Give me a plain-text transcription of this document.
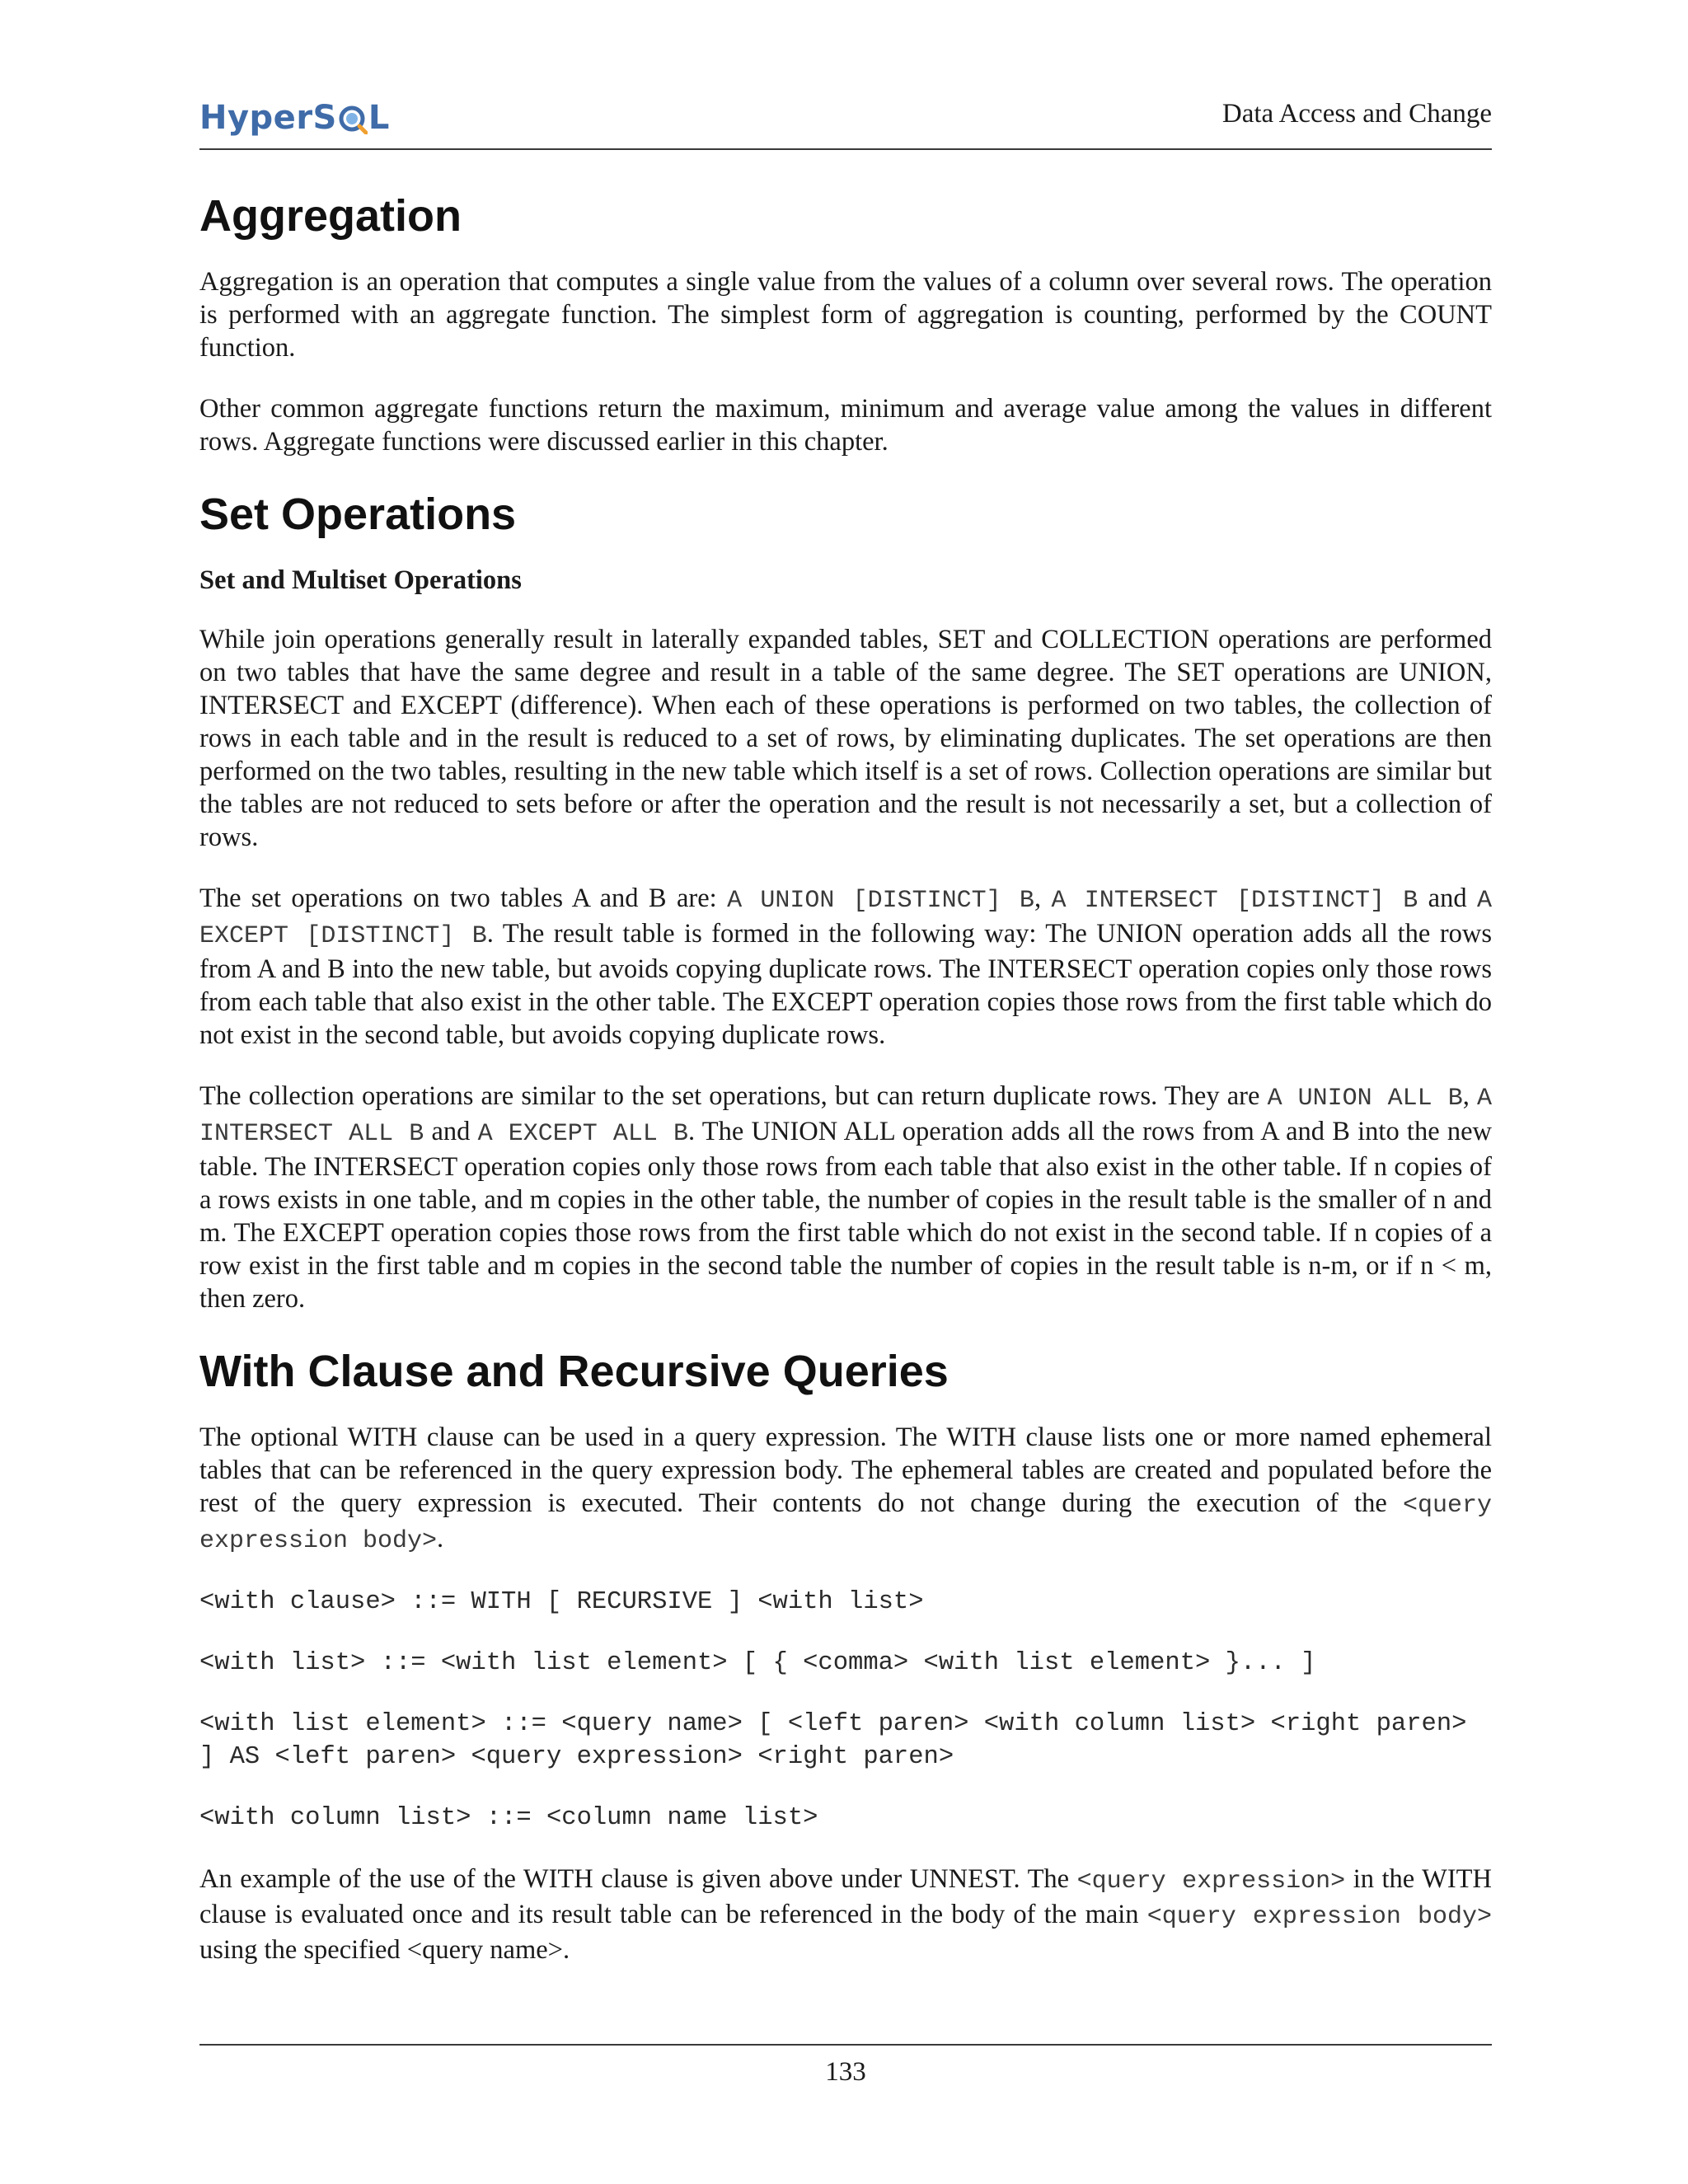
HyperS L	Data Access and Change
Aggregation

Aggregation is an operation that computes a single value from the values of a column over several rows. The operation is performed with an aggregate function. The simplest form of aggregation is counting, performed by the COUNT function.

Other common aggregate functions return the maximum, minimum and average value among the values in different rows. Aggregate functions were discussed earlier in this chapter.

Set Operations

Set and Multiset Operations

While join operations generally result in laterally expanded tables, SET and COLLECTION operations are performed on two tables that have the same degree and result in a table of the same degree. The SET operations are UNION, INTERSECT and EXCEPT (difference). When each of these operations is performed on two tables, the collection of rows in each table and in the result is reduced to a set of rows, by eliminating duplicates. The set operations are then performed on the two tables, resulting in the new table which itself is a set of rows. Collection operations are similar but the tables are not reduced to sets before or after the operation and the result is not necessarily a set, but a collection of rows.

The set operations on two tables A and B are: A UNION [DISTINCT] B, A INTERSECT [DISTINCT] B and A EXCEPT [DISTINCT] B. The result table is formed in the following way: The UNION operation adds all the rows from A and B into the new table, but avoids copying duplicate rows. The INTERSECT operation copies only those rows from each table that also exist in the other table. The EXCEPT operation copies those rows from the first table which do not exist in the second table, but avoids copying duplicate rows.

The collection operations are similar to the set operations, but can return duplicate rows. They are A UNION ALL B, A INTERSECT ALL B and A EXCEPT ALL B. The UNION ALL operation adds all the rows from A and B into the new table. The INTERSECT operation copies only those rows from each table that also exist in the other table. If n copies of a rows exists in one table, and m copies in the other table, the number of copies in the result table is the smaller of n and m. The EXCEPT operation copies those rows from the first table which do not exist in the second table. If n copies of a row exist in the first table and m copies in the second table the number of copies in the result table is n-m, or if n < m, then zero.

With Clause and Recursive Queries

The optional WITH clause can be used in a query expression. The WITH clause lists one or more named ephemeral tables that can be referenced in the query expression body. The ephemeral tables are created and populated before the rest of the query expression is executed. Their contents do not change during the execution of the <query expression body>.

<with clause> ::= WITH [ RECURSIVE ] <with list>

<with list> ::= <with list element> [ { <comma> <with list element> }... ]

<with list element> ::= <query name> [ <left paren> <with column list> <right paren> ] AS <left paren> <query expression> <right paren>

<with column list> ::= <column name list>

An example of the use of the WITH clause is given above under UNNEST. The <query expression> in the WITH clause is evaluated once and its result table can be referenced in the body of the main <query expression body> using the specified <query name>.

133
